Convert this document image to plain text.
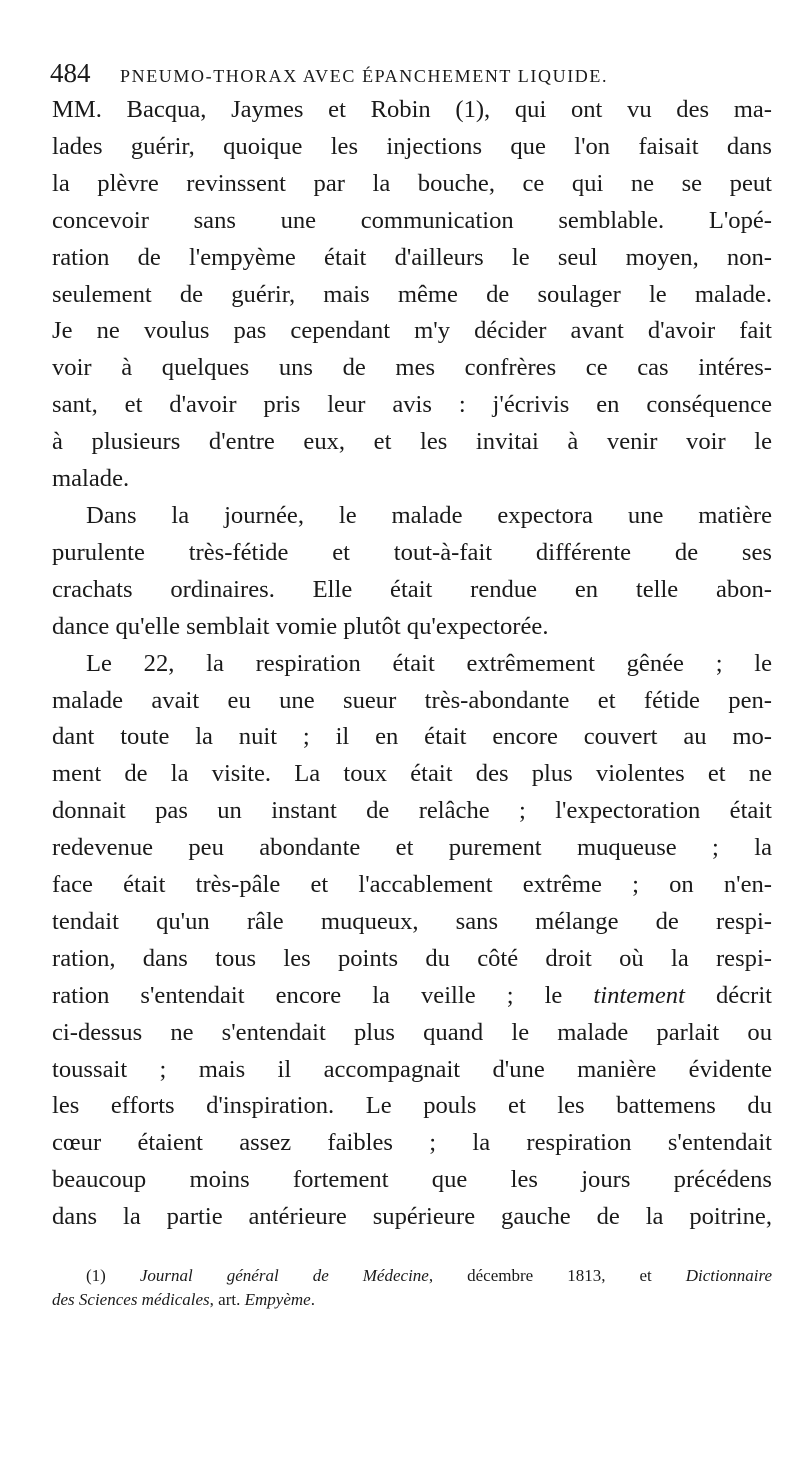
484	PNEUMO-THORAX AVEC ÉPANCHEMENT LIQUIDE.
MM. Bacqua, Jaymes et Robin (1), qui ont vu des ma-
lades guérir, quoique les injections que l'on faisait dans
la plèvre revinssent par la bouche, ce qui ne se peut
concevoir sans une communication semblable. L'opé-
ration de l'empyème était d'ailleurs le seul moyen, non-
seulement de guérir, mais même de soulager le malade.
Je ne voulus pas cependant m'y décider avant d'avoir fait
voir à quelques uns de mes confrères ce cas intéres-
sant, et d'avoir pris leur avis : j'écrivis en conséquence
à plusieurs d'entre eux, et les invitai à venir voir le
malade.
Dans la journée, le malade expectora une matière
purulente très-fétide et tout-à-fait différente de ses
crachats ordinaires. Elle était rendue en telle abon-
dance qu'elle semblait vomie plutôt qu'expectorée.
Le 22, la respiration était extrêmement gênée ; le
malade avait eu une sueur très-abondante et fétide pen-
dant toute la nuit ; il en était encore couvert au mo-
ment de la visite. La toux était des plus violentes et ne
donnait pas un instant de relâche ; l'expectoration était
redevenue peu abondante et purement muqueuse ; la
face était très-pâle et l'accablement extrême ; on n'en-
tendait qu'un râle muqueux, sans mélange de respi-
ration, dans tous les points du côté droit où la respi-
ration s'entendait encore la veille ; le tintement décrit
ci-dessus ne s'entendait plus quand le malade parlait ou
toussait ; mais il accompagnait d'une manière évidente
les efforts d'inspiration. Le pouls et les battemens du
cœur étaient assez faibles ; la respiration s'entendait
beaucoup moins fortement que les jours précédens
dans la partie antérieure supérieure gauche de la poitrine,
(1) Journal général de Médecine, décembre 1813, et Dictionnaire
des Sciences médicales, art. Empyème.
